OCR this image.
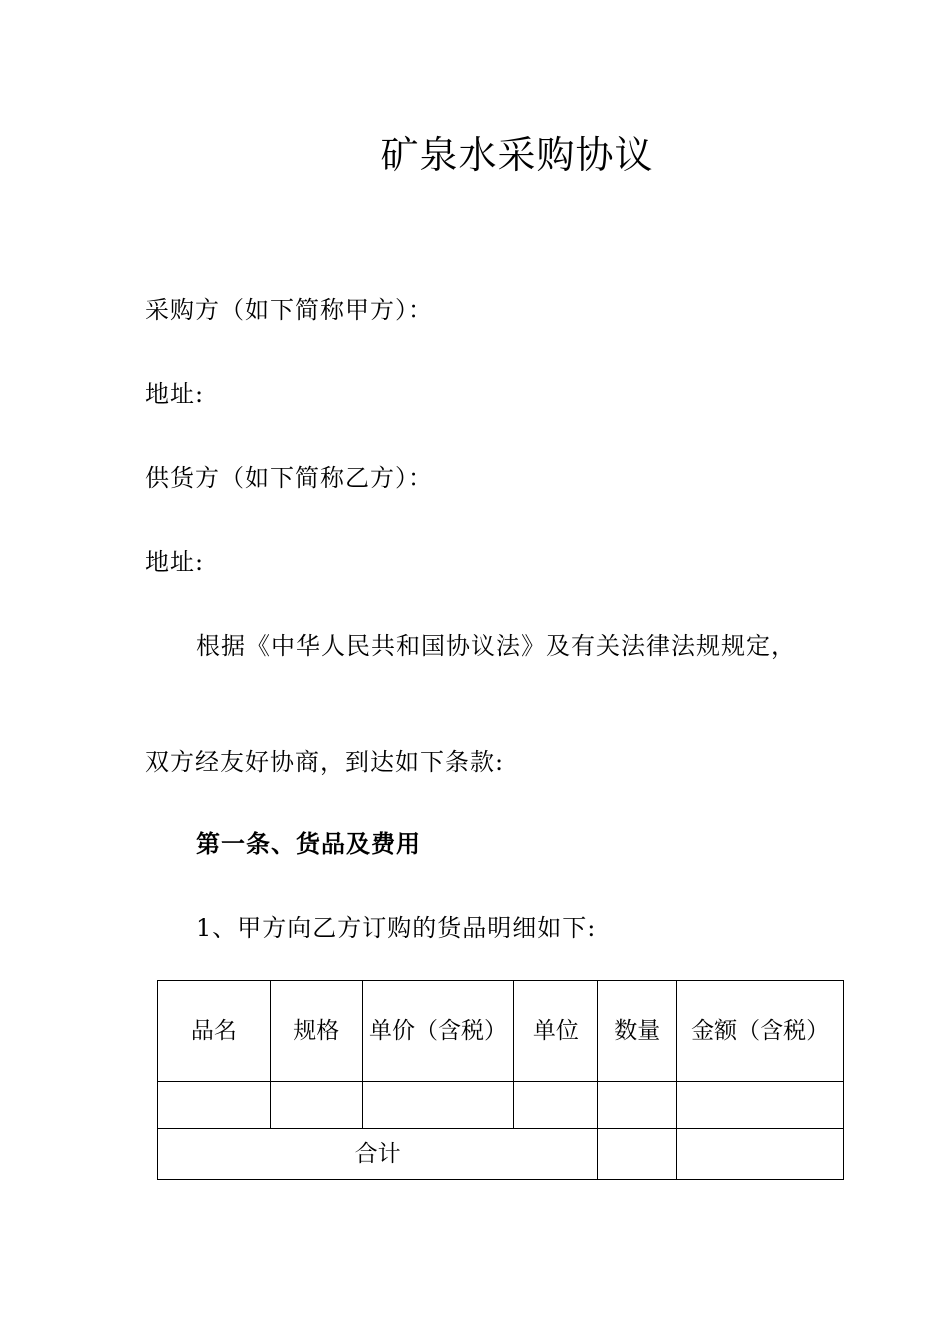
矿泉水采购协议
采购方（如下简称甲方）：
地址:
供货方（如下简称乙方）：
地址:
根据《中华人民共和国协议法》及有关法律法规规定，
双方经友好协商，到达如下条款:
第一条、货品及费用
1、甲方向乙方订购的货品明细如下:
品名	规格	单价（含税）	单位	数量	金额（含税）

合计					
